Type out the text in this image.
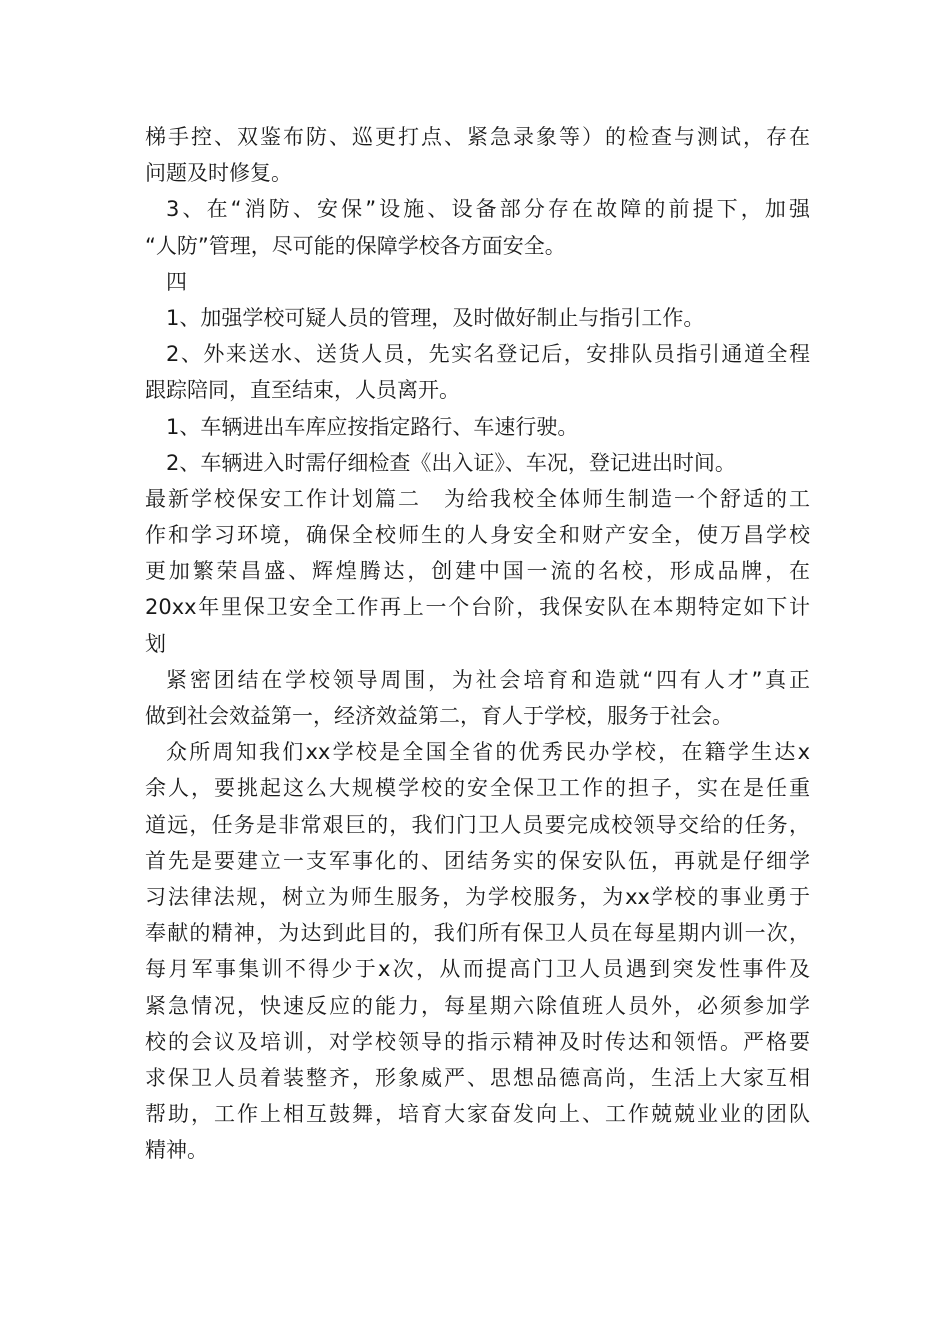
梯手控、双鉴布防、巡更打点、紧急录象等）的检查与测试，存在
问题及时修复。
3、在“消防、安保”设施、设备部分存在故障的前提下，加强
“人防”管理，尽可能的保障学校各方面安全。
四
1、加强学校可疑人员的管理，及时做好制止与指引工作。
2、外来送水、送货人员，先实名登记后，安排队员指引通道全程
跟踪陪同，直至结束，人员离开。
1、车辆进出车库应按指定路行、车速行驶。
2、车辆进入时需仔细检查《出入证》、车况，登记进出时间。
最新学校保安工作计划篇二　为给我校全体师生制造一个舒适的工
作和学习环境，确保全校师生的人身安全和财产安全，使万昌学校
更加繁荣昌盛、辉煌腾达，创建中国一流的名校，形成品牌，在
20xx年里保卫安全工作再上一个台阶，我保安队在本期特定如下计
划
紧密团结在学校领导周围，为社会培育和造就“四有人才”真正
做到社会效益第一，经济效益第二，育人于学校，服务于社会。
众所周知我们xx学校是全国全省的优秀民办学校，在籍学生达x
余人，要挑起这么大规模学校的安全保卫工作的担子，实在是任重
道远，任务是非常艰巨的，我们门卫人员要完成校领导交给的任务，
首先是要建立一支军事化的、团结务实的保安队伍，再就是仔细学
习法律法规，树立为师生服务，为学校服务，为xx学校的事业勇于
奉献的精神，为达到此目的，我们所有保卫人员在每星期内训一次，
每月军事集训不得少于x次，从而提高门卫人员遇到突发性事件及
紧急情况，快速反应的能力，每星期六除值班人员外，必须参加学
校的会议及培训，对学校领导的指示精神及时传达和领悟。严格要
求保卫人员着装整齐，形象威严、思想品德高尚，生活上大家互相
帮助，工作上相互鼓舞，培育大家奋发向上、工作兢兢业业的团队
精神。
